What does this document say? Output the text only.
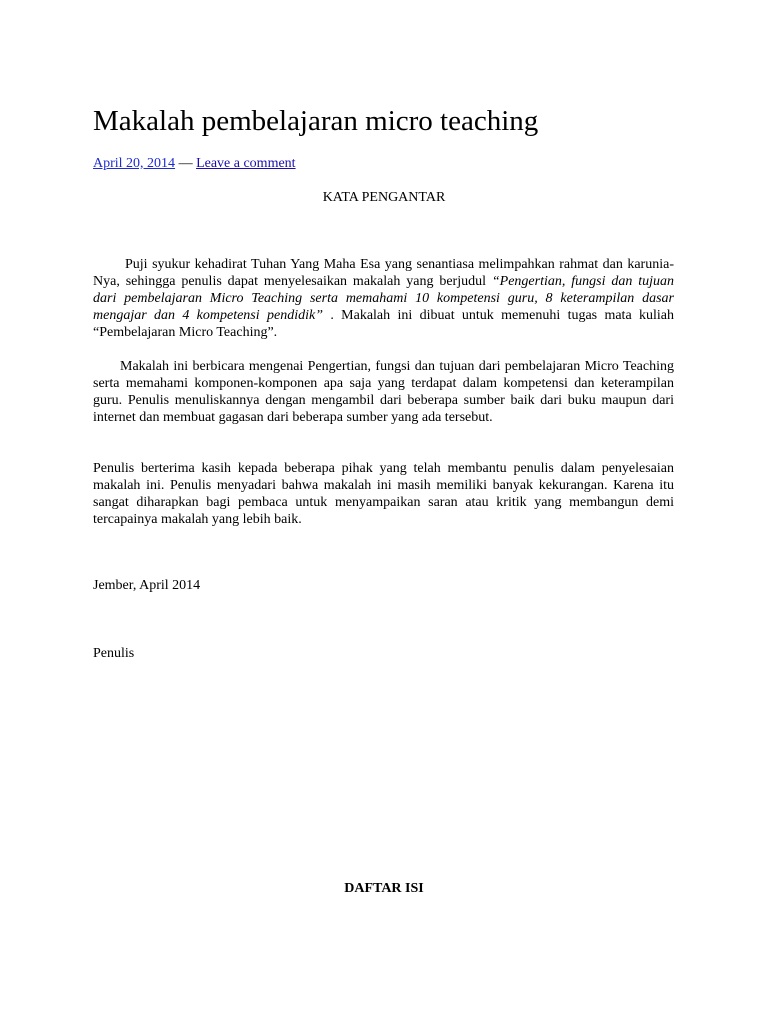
Makalah pembelajaran micro teaching
April 20, 2014 — Leave a comment
KATA PENGANTAR

Puji syukur kehadirat Tuhan Yang Maha Esa yang senantiasa melimpahkan rahmat dan karunia-Nya, sehingga penulis dapat menyelesaikan makalah yang berjudul “Pengertian, fungsi dan tujuan dari pembelajaran Micro Teaching serta memahami 10 kompetensi guru, 8 keterampilan dasar mengajar dan 4 kompetensi pendidik” . Makalah ini dibuat untuk memenuhi tugas mata kuliah “Pembelajaran Micro Teaching”.

Makalah ini berbicara mengenai Pengertian, fungsi dan tujuan dari pembelajaran Micro Teaching serta memahami komponen-komponen apa saja yang terdapat dalam kompetensi dan keterampilan guru. Penulis menuliskannya dengan mengambil dari beberapa sumber baik dari buku maupun dari internet dan membuat gagasan dari beberapa sumber yang ada tersebut.

Penulis berterima kasih kepada beberapa pihak yang telah membantu penulis dalam penyelesaian makalah ini. Penulis menyadari bahwa makalah ini masih memiliki banyak kekurangan. Karena itu sangat diharapkan bagi pembaca untuk menyampaikan saran atau kritik yang membangun demi tercapainya makalah yang lebih baik.

Jember, April 2014
Penulis
DAFTAR ISI
